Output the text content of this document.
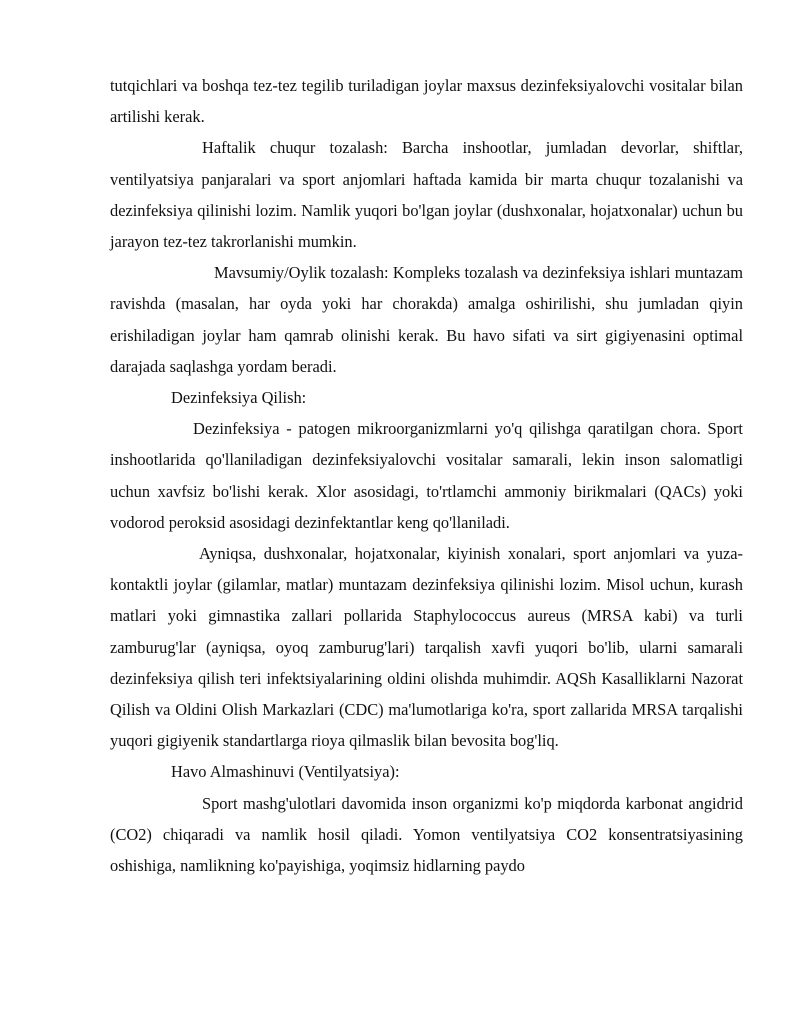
tutqichlari va boshqa tez-tez tegilib turiladigan joylar maxsus dezinfeksiyalovchi vositalar bilan artilishi kerak.

Haftalik chuqur tozalash: Barcha inshootlar, jumladan devorlar, shiftlar, ventilyatsiya panjaralari va sport anjomlari haftada kamida bir marta chuqur tozalanishi va dezinfeksiya qilinishi lozim. Namlik yuqori bo'lgan joylar (dushxonalar, hojatxonalar) uchun bu jarayon tez-tez takrorlanishi mumkin.

Mavsumiy/Oylik tozalash: Kompleks tozalash va dezinfeksiya ishlari muntazam ravishda (masalan, har oyda yoki har chorakda) amalga oshirilishi, shu jumladan qiyin erishiladigan joylar ham qamrab olinishi kerak. Bu havo sifati va sirt gigiyenasini optimal darajada saqlashga yordam beradi.

Dezinfeksiya Qilish:

Dezinfeksiya - patogen mikroorganizmlarni yo'q qilishga qaratilgan chora. Sport inshootlarida qo'llaniladigan dezinfeksiyalovchi vositalar samarali, lekin inson salomatligi uchun xavfsiz bo'lishi kerak. Xlor asosidagi, to'rtlamchi ammoniy birikmalari (QACs) yoki vodorod peroksid asosidagi dezinfektantlar keng qo'llaniladi.

Ayniqsa, dushxonalar, hojatxonalar, kiyinish xonalari, sport anjomlari va yuza-kontaktli joylar (gilamlar, matlar) muntazam dezinfeksiya qilinishi lozim. Misol uchun, kurash matlari yoki gimnastika zallari pollarida Staphylococcus aureus (MRSA kabi) va turli zamburug'lar (ayniqsa, oyoq zamburug'lari) tarqalish xavfi yuqori bo'lib, ularni samarali dezinfeksiya qilish teri infektsiyalarining oldini olishda muhimdir. AQSh Kasalliklarni Nazorat Qilish va Oldini Olish Markazlari (CDC) ma'lumotlariga ko'ra, sport zallarida MRSA tarqalishi yuqori gigiyenik standartlarga rioya qilmaslik bilan bevosita bog'liq.

Havo Almashinuvi (Ventilyatsiya):

Sport mashg'ulotlari davomida inson organizmi ko'p miqdorda karbonat angidrid (CO2) chiqaradi va namlik hosil qiladi. Yomon ventilyatsiya CO2 konsentratsiyasining oshishiga, namlikning ko'payishiga, yoqimsiz hidlarning paydo
